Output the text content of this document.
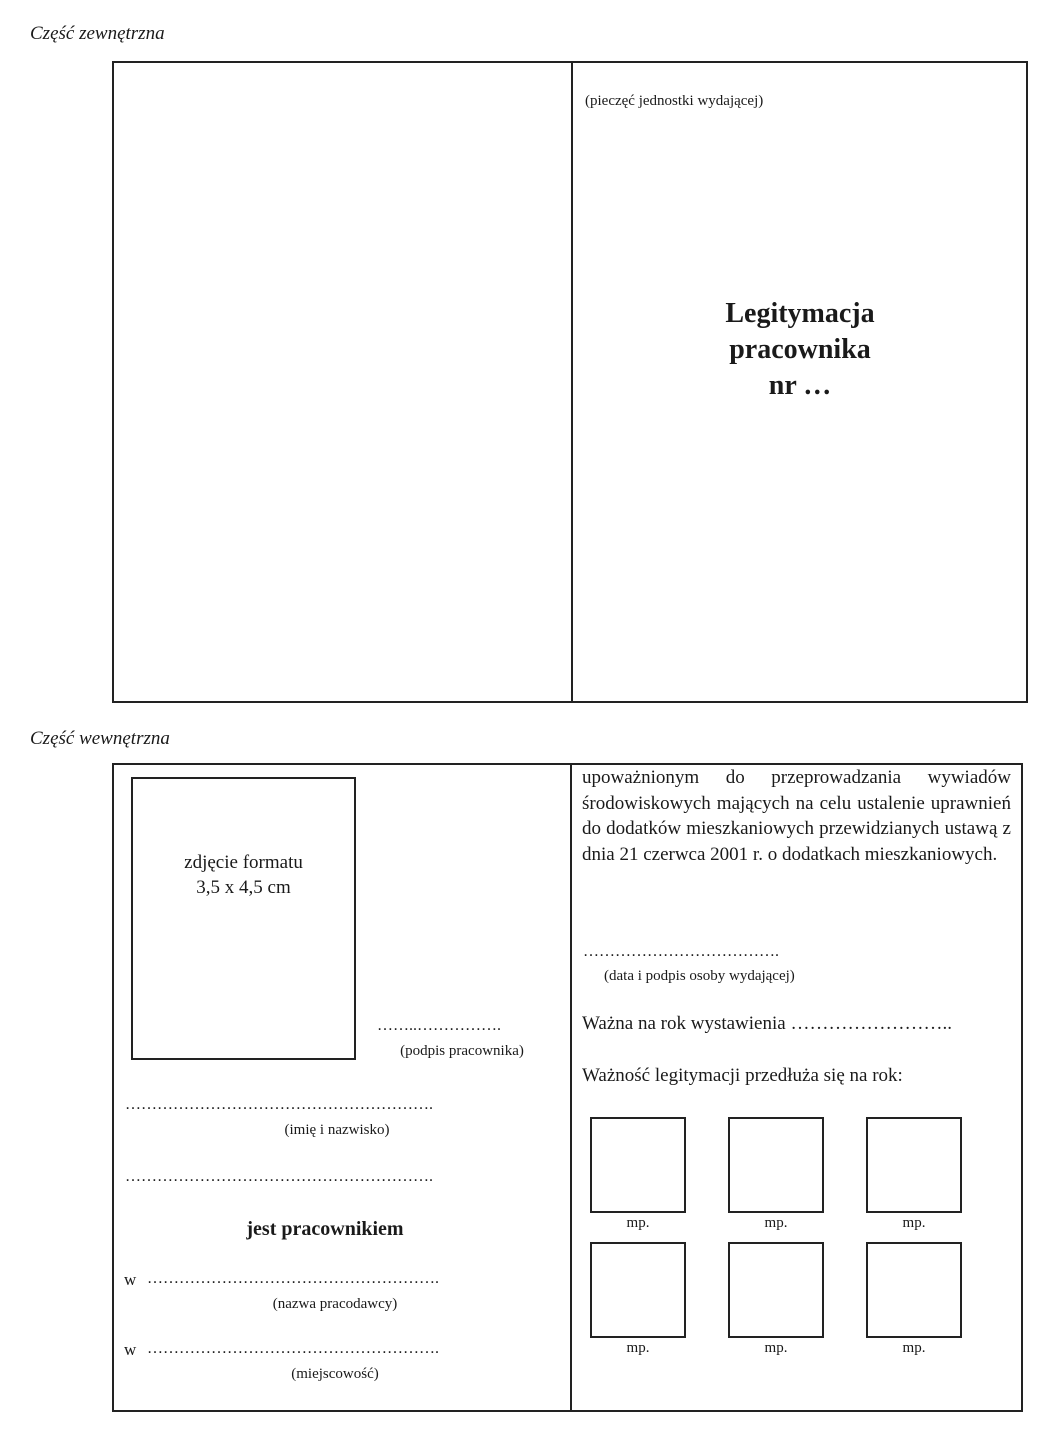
Część zewnętrzna
(pieczęć jednostki wydającej)
Legitymacja
pracownika
nr …
Część wewnętrzna
zdjęcie formatu
3,5 x 4,5 cm
……..…………….
(podpis pracownika)
………………………………………………….
(imię i nazwisko)
………………………………………………….
jest pracownikiem
w ……………………………………………….
(nazwa pracodawcy)
w ……………………………………………….
(miejscowość)
upoważnionym do przeprowadzania wywiadów środowiskowych mających na celu ustalenie uprawnień do dodatków mieszkaniowych przewidzianych ustawą z dnia 21 czerwca 2001 r. o dodatkach mieszkaniowych.
……………………………….
(data i podpis osoby wydającej)
Ważna na rok wystawienia ……………………..
Ważność legitymacji przedłuża się na rok:
mp.	mp.	mp.
mp.	mp.	mp.
